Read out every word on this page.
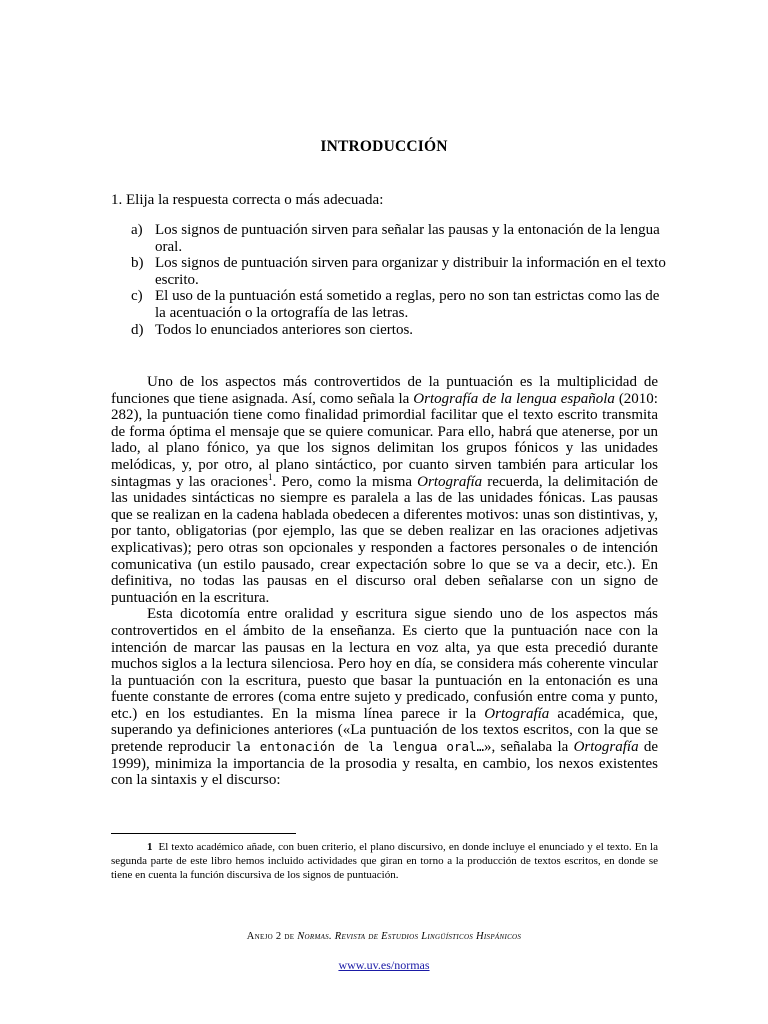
INTRODUCCIÓN
1. Elija la respuesta correcta o más adecuada:
a) Los signos de puntuación sirven para señalar las pausas y la entonación de la lengua oral.
b) Los signos de puntuación sirven para organizar y distribuir la información en el texto escrito.
c) El uso de la puntuación está sometido a reglas, pero no son tan estrictas como las de la acentuación o la ortografía de las letras.
d) Todos lo enunciados anteriores son ciertos.

Uno de los aspectos más controvertidos de la puntuación es la multiplicidad de funciones que tiene asignada. Así, como señala la Ortografía de la lengua española (2010: 282), la puntuación tiene como finalidad primordial facilitar que el texto escrito transmita de forma óptima el mensaje que se quiere comunicar. Para ello, habrá que atenerse, por un lado, al plano fónico, ya que los signos delimitan los grupos fónicos y las unidades melódicas, y, por otro, al plano sintáctico, por cuanto sirven también para articular los sintagmas y las oraciones$^1$. Pero, como la misma Ortografía recuerda, la delimitación de las unidades sintácticas no siempre es paralela a las de las unidades fónicas. Las pausas que se realizan en la cadena hablada obedecen a diferentes motivos: unas son distintivas, y, por tanto, obligatorias (por ejemplo, las que se deben realizar en las oraciones adjetivas explicativas); pero otras son opcionales y responden a factores personales o de intención comunicativa (un estilo pausado, crear expectación sobre lo que se va a decir, etc.). En definitiva, no todas las pausas en el discurso oral deben señalarse con un signo de puntuación en la escritura.

Esta dicotomía entre oralidad y escritura sigue siendo uno de los aspectos más controvertidos en el ámbito de la enseñanza. Es cierto que la puntuación nace con la intención de marcar las pausas en la lectura en voz alta, ya que esta precedió durante muchos siglos a la lectura silenciosa. Pero hoy en día, se considera más coherente vincular la puntuación con la escritura, puesto que basar la puntuación en la entonación es una fuente constante de errores (coma entre sujeto y predicado, confusión entre coma y punto, etc.) en los estudiantes. En la misma línea parece ir la Ortografía académica, que, superando ya definiciones anteriores («La puntuación de los textos escritos, con la que se pretende reproducir la entonación de la lengua oral…», señalaba la Ortografía de 1999), minimiza la importancia de la prosodia y resalta, en cambio, los nexos existentes con la sintaxis y el discurso:

1 El texto académico añade, con buen criterio, el plano discursivo, en donde incluye el enunciado y el texto. En la segunda parte de este libro hemos incluido actividades que giran en torno a la producción de textos escritos, en donde se tiene en cuenta la función discursiva de los signos de puntuación.
Anejo 2 de Normas. Revista de Estudios Lingüísticos Hispánicos
www.uv.es/normas
